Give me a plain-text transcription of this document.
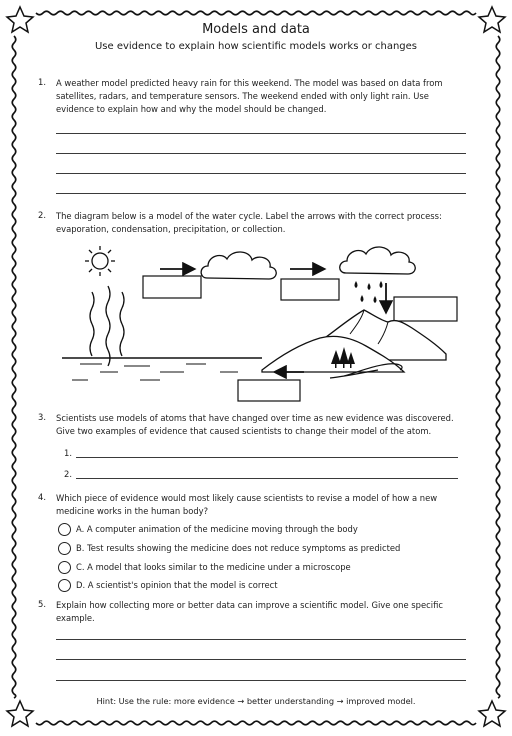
Models and data
Use evidence to explain how scientific models works or changes
1. A weather model predicted heavy rain for this weekend. The model was based on data from
satellites, radars, and temperature sensors. The weekend ended with only light rain. Use
evidence to explain how and why the model should be changed.
2. The diagram below is a model of the water cycle. Label the arrows with the correct process:
evaporation, condensation, precipitation, or collection.
3. Scientists use models of atoms that have changed over time as new evidence was discovered.
Give two examples of evidence that caused scientists to change their model of the atom.
1.
2.
4. Which piece of evidence would most likely cause scientists to revise a model of how a new
medicine works in the human body?
A. A computer animation of the medicine moving through the body
B. Test results showing the medicine does not reduce symptoms as predicted
C. A model that looks similar to the medicine under a microscope
D. A scientist's opinion that the model is correct
5. Explain how collecting more or better data can improve a scientific model. Give one specific
example.
Hint: Use the rule: more evidence → better understanding → improved model.
